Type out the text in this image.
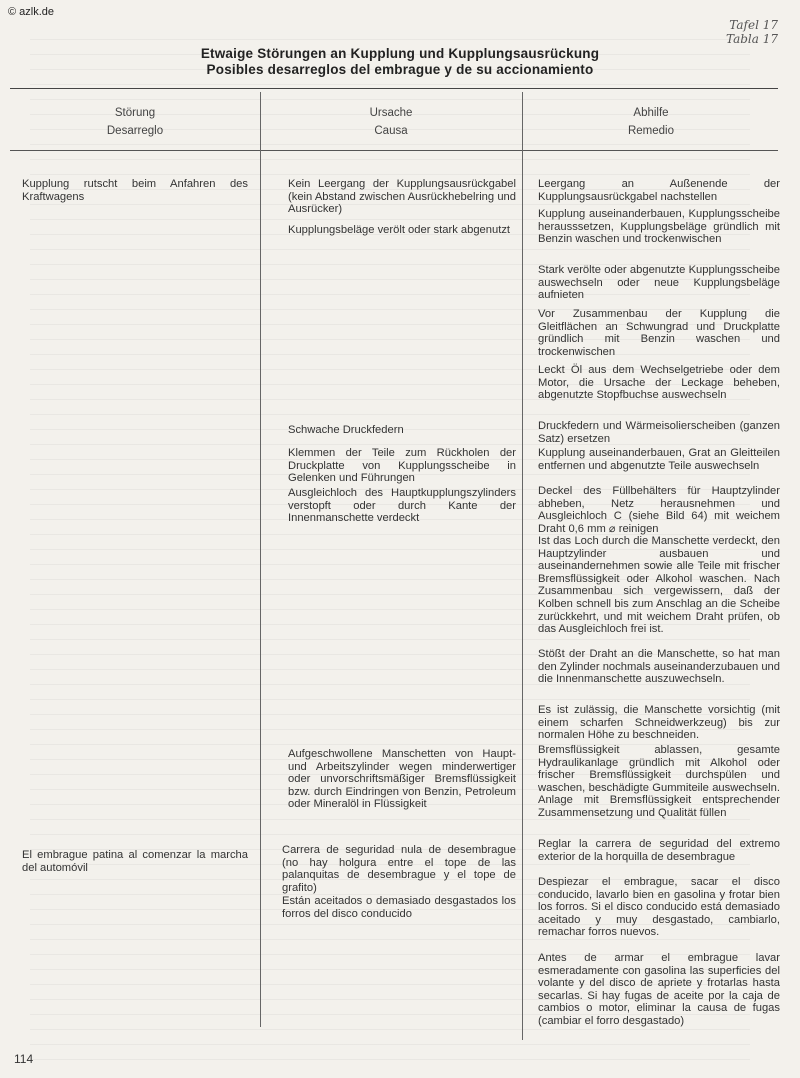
© azlk.de
Tafel 17
Tabla 17
Etwaige Störungen an Kupplung und Kupplungsausrückung
Posibles desarreglos del embrague y de su accionamiento
Störung
Desarreglo
Ursache
Causa
Abhilfe
Remedio
Kupplung rutscht beim Anfahren des Kraftwagens
El embrague patina al comenzar la marcha del automóvil
Kein Leergang der Kupplungsausrückgabel (kein Abstand zwischen Ausrückhebelring und Ausrücker)
Kupplungsbeläge verölt oder stark abgenutzt
Schwache Druckfedern
Klemmen der Teile zum Rückholen der Druckplatte von Kupplungsscheibe in Gelenken und Führungen
Ausgleichloch des Hauptkupplungszylinders verstopft oder durch Kante der Innenmanschette verdeckt
Aufgeschwollene Manschetten von Haupt- und Arbeitszylinder wegen minderwertiger oder unvorschriftsmäßiger Bremsflüssigkeit bzw. durch Eindringen von Benzin, Petroleum oder Mineralöl in Flüssigkeit
Carrera de seguridad nula de desembrague (no hay holgura entre el tope de las palanquitas de desembrague y el tope de grafito)
Están aceitados o demasiado desgastados los forros del disco conducido
Leergang an Außenende der Kupplungsausrückgabel nachstellen
Kupplung auseinanderbauen, Kupplungsscheibe herausssetzen, Kupplungsbeläge gründlich mit Benzin waschen und trockenwischen
Stark verölte oder abgenutzte Kupplungsscheibe auswechseln oder neue Kupplungsbeläge aufnieten
Vor Zusammenbau der Kupplung die Gleitflächen an Schwungrad und Druckplatte gründlich mit Benzin waschen und trockenwischen
Leckt Öl aus dem Wechselgetriebe oder dem Motor, die Ursache der Leckage beheben, abgenutzte Stopfbuchse auswechseln
Druckfedern und Wärmeisolierscheiben (ganzen Satz) ersetzen
Kupplung auseinanderbauen, Grat an Gleitteilen entfernen und abgenutzte Teile auswechseln
Deckel des Füllbehälters für Hauptzylinder abheben, Netz herausnehmen und Ausgleichloch C (siehe Bild 64) mit weichem Draht 0,6 mm ⌀ reinigen
Ist das Loch durch die Manschette verdeckt, den Hauptzylinder ausbauen und auseinandernehmen sowie alle Teile mit frischer Bremsflüssigkeit oder Alkohol waschen. Nach Zusammenbau sich vergewissern, daß der Kolben schnell bis zum Anschlag an die Scheibe zurückkehrt, und mit weichem Draht prüfen, ob das Ausgleichloch frei ist.
Stößt der Draht an die Manschette, so hat man den Zylinder nochmals auseinanderzubauen und die Innenmanschette auszuwechseln.
Es ist zulässig, die Manschette vorsichtig (mit einem scharfen Schneidwerkzeug) bis zur normalen Höhe zu beschneiden.
Bremsflüssigkeit ablassen, gesamte Hydraulikanlage gründlich mit Alkohol oder frischer Bremsflüssigkeit durchspülen und waschen, beschädigte Gummiteile auswechseln. Anlage mit Bremsflüssigkeit entsprechender Zusammensetzung und Qualität füllen
Reglar la carrera de seguridad del extremo exterior de la horquilla de desembrague
Despiezar el embrague, sacar el disco conducido, lavarlo bien en gasolina y frotar bien los forros. Si el disco conducido está demasiado aceitado y muy desgastado, cambiarlo, remachar forros nuevos.
Antes de armar el embrague lavar esmeradamente con gasolina las superficies del volante y del disco de apriete y frotarlas hasta secarlas. Si hay fugas de aceite por la caja de cambios o motor, eliminar la causa de fugas (cambiar el forro desgastado)
114
